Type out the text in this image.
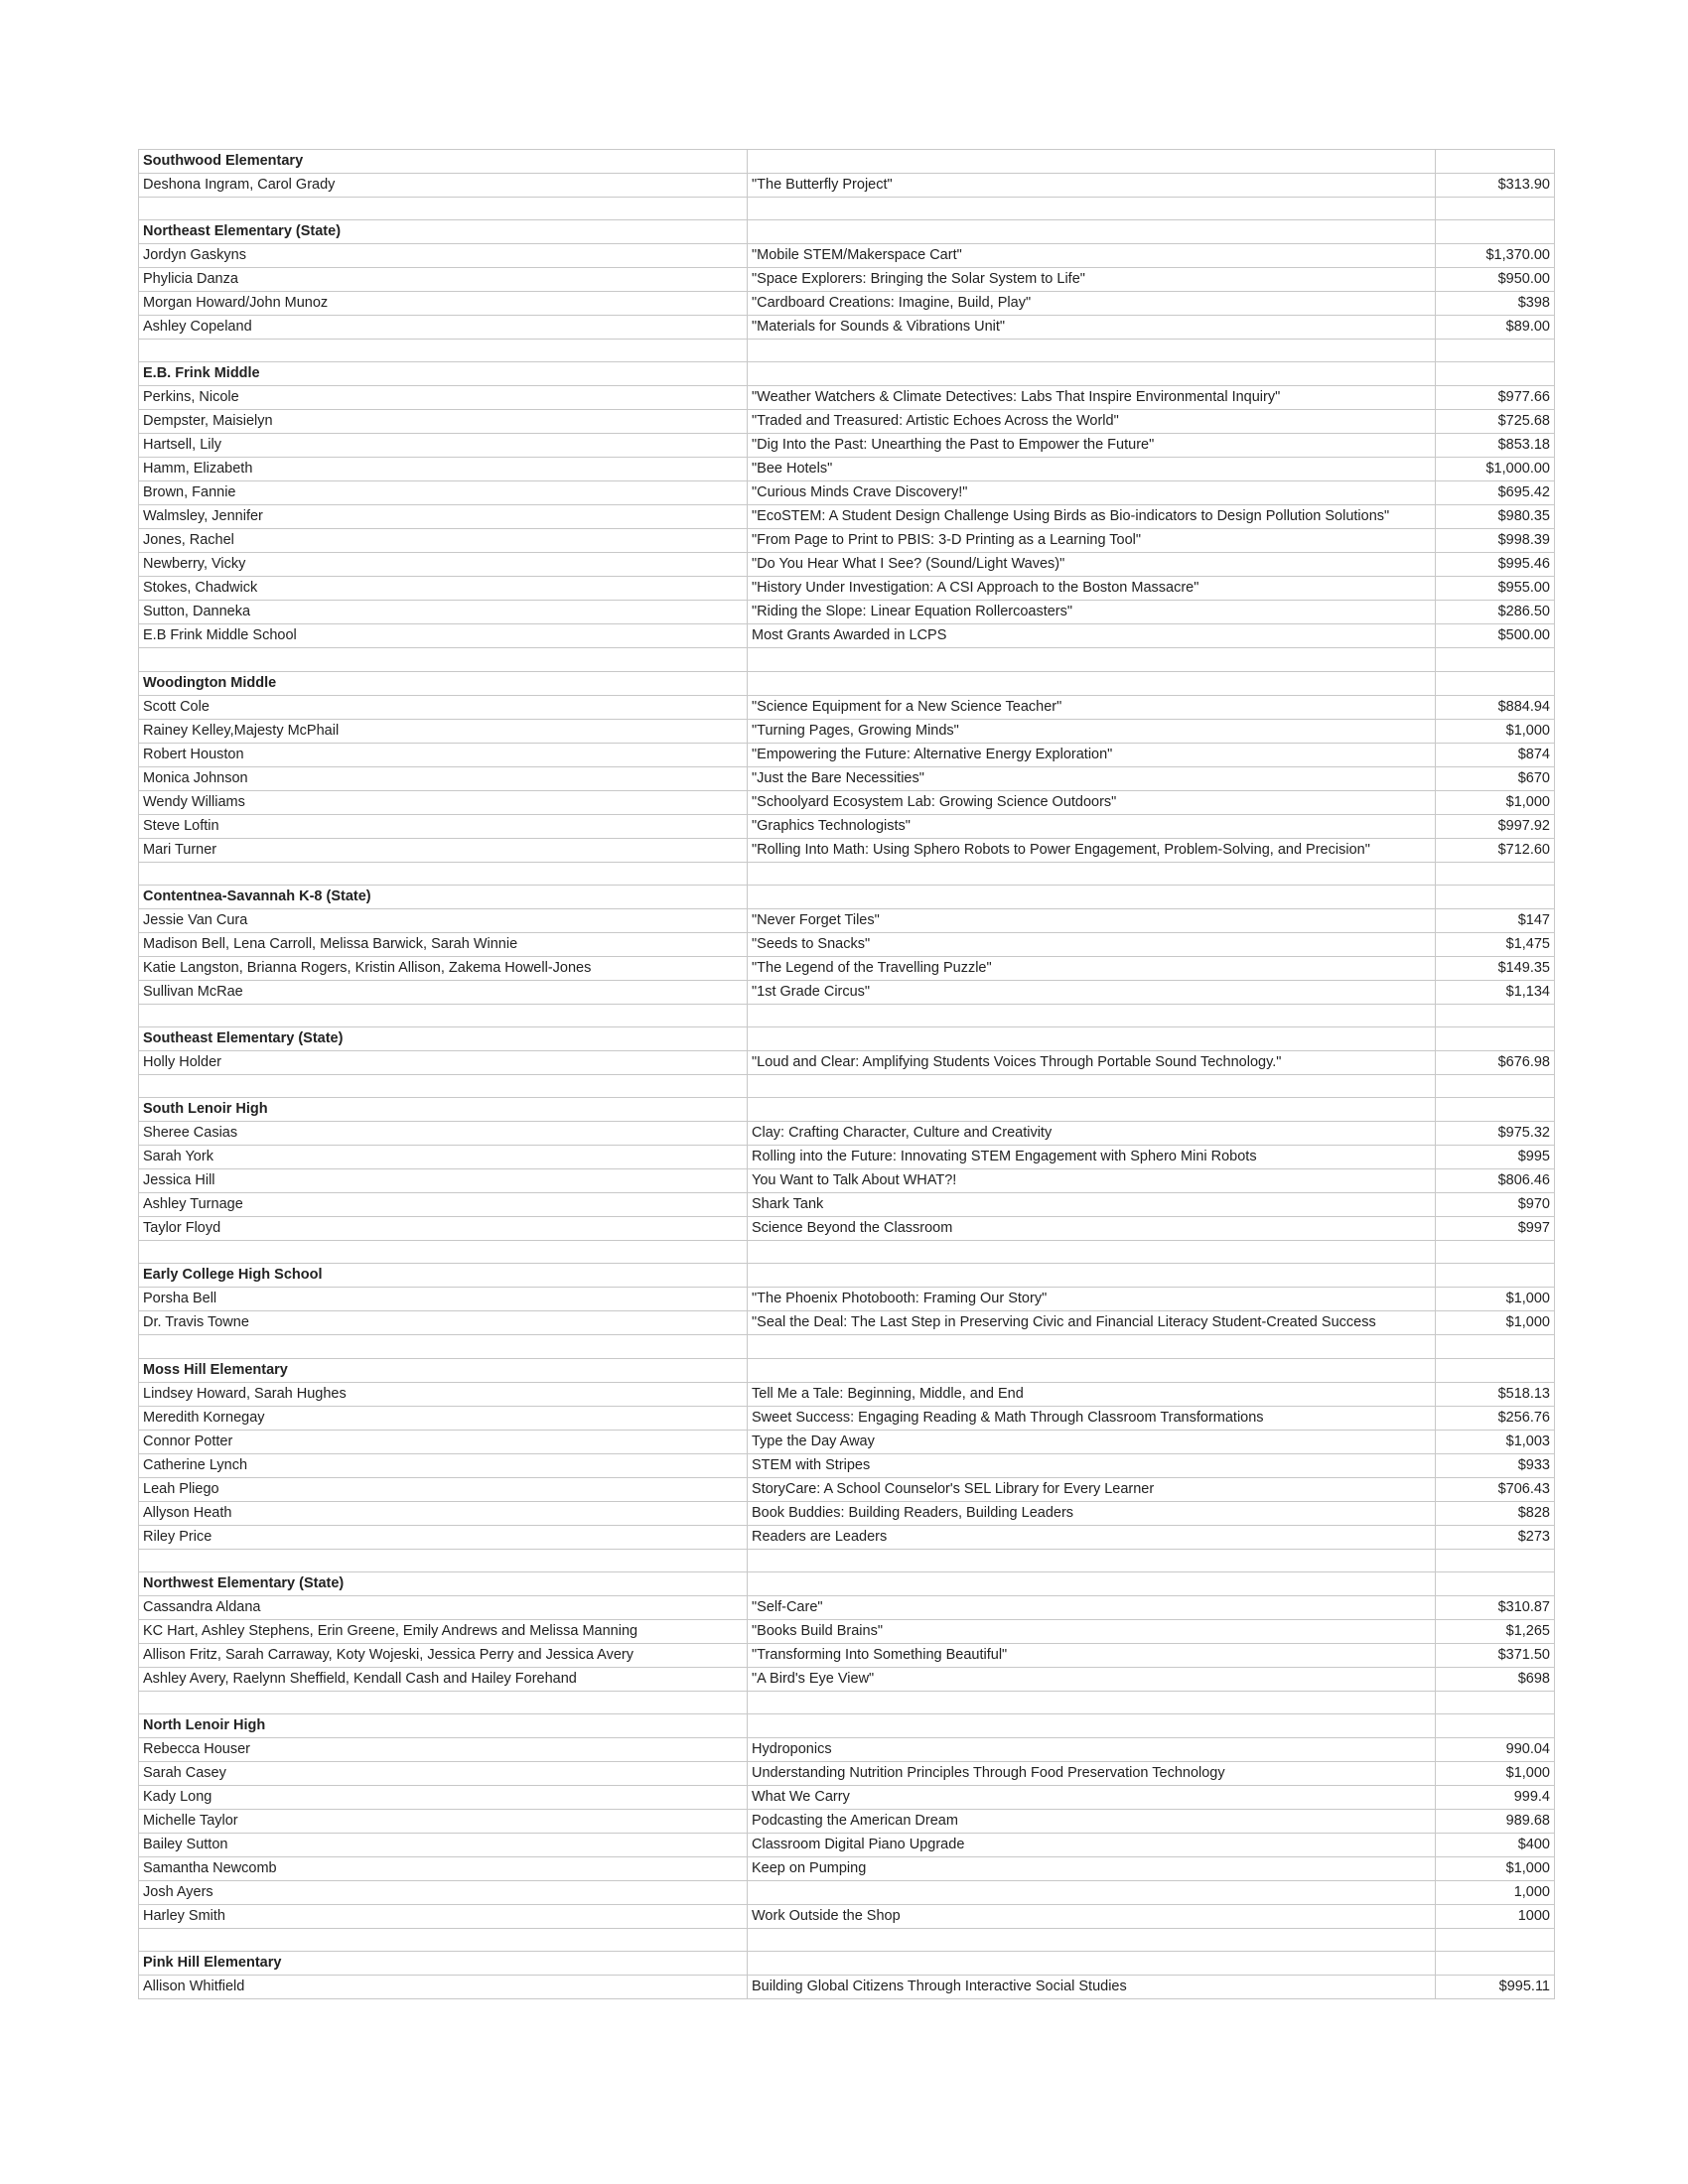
Southwood Elementary		
Deshona Ingram, Carol Grady	"The Butterfly Project"	$313.90

Northeast Elementary (State)		
Jordyn Gaskyns	"Mobile STEM/Makerspace Cart"	$1,370.00
Phylicia Danza	"Space Explorers: Bringing the Solar System to Life"	$950.00
Morgan Howard/John Munoz	"Cardboard Creations: Imagine, Build, Play"	$398
Ashley Copeland	"Materials for Sounds & Vibrations Unit"	$89.00

E.B. Frink Middle		
Perkins, Nicole	"Weather Watchers & Climate Detectives: Labs That Inspire Environmental Inquiry"	$977.66
Dempster, Maisielyn	"Traded and Treasured: Artistic Echoes Across the World"	$725.68
Hartsell, Lily	"Dig Into the Past: Unearthing the Past to Empower the Future"	$853.18
Hamm, Elizabeth	"Bee Hotels"	$1,000.00
Brown, Fannie	"Curious Minds Crave Discovery!"	$695.42
Walmsley, Jennifer	"EcoSTEM: A Student Design Challenge Using Birds as Bio-indicators to Design Pollution Solutions"	$980.35
Jones, Rachel	"From Page to Print to PBIS: 3-D Printing as a Learning Tool"	$998.39
Newberry, Vicky	"Do You Hear What I See? (Sound/Light Waves)"	$995.46
Stokes, Chadwick	"History Under Investigation: A CSI Approach to the Boston Massacre"	$955.00
Sutton, Danneka	"Riding the Slope: Linear Equation Rollercoasters"	$286.50
E.B Frink Middle School	Most Grants Awarded in LCPS	$500.00

Woodington Middle		
Scott Cole	"Science Equipment for a New Science Teacher"	$884.94
Rainey Kelley,Majesty McPhail	"Turning Pages, Growing Minds"	$1,000
Robert Houston	"Empowering the Future: Alternative Energy Exploration"	$874
Monica Johnson	"Just the Bare Necessities"	$670
Wendy Williams	"Schoolyard Ecosystem Lab: Growing Science Outdoors"	$1,000
Steve Loftin	"Graphics Technologists"	$997.92
Mari Turner	"Rolling Into Math: Using Sphero Robots to Power Engagement, Problem-Solving, and Precision"	$712.60

Contentnea-Savannah K-8 (State)		
Jessie Van Cura	"Never Forget Tiles"	$147
Madison Bell, Lena Carroll, Melissa Barwick, Sarah Winnie	"Seeds to Snacks"	$1,475
Katie Langston, Brianna Rogers, Kristin Allison, Zakema Howell-Jones	"The Legend of the Travelling Puzzle"	$149.35
Sullivan McRae	"1st Grade Circus"	$1,134

Southeast Elementary (State)		
Holly Holder	"Loud and Clear: Amplifying Students Voices Through Portable Sound Technology."	$676.98

South Lenoir High		
Sheree Casias	Clay: Crafting Character, Culture and Creativity	$975.32
Sarah York	Rolling into the Future: Innovating STEM Engagement with Sphero Mini Robots	$995
Jessica Hill	You Want to Talk About WHAT?!	$806.46
Ashley Turnage	Shark Tank	$970
Taylor Floyd	Science Beyond the Classroom	$997

Early College High School		
Porsha Bell	"The Phoenix Photobooth: Framing Our Story"	$1,000
Dr. Travis Towne	"Seal the Deal: The Last Step in Preserving Civic and Financial Literacy Student-Created Success	$1,000

Moss Hill Elementary		
Lindsey Howard, Sarah Hughes	Tell Me a Tale: Beginning, Middle, and End	$518.13
Meredith Kornegay	Sweet Success: Engaging Reading & Math Through Classroom Transformations	$256.76
Connor Potter	Type the Day Away	$1,003
Catherine Lynch	STEM with Stripes	$933
Leah Pliego	StoryCare: A School Counselor's SEL Library for Every Learner	$706.43
Allyson Heath	Book Buddies: Building Readers, Building Leaders	$828
Riley Price	Readers are Leaders	$273

Northwest Elementary (State)		
Cassandra Aldana	"Self-Care"	$310.87
KC Hart, Ashley Stephens, Erin Greene, Emily Andrews and Melissa Manning	"Books Build Brains"	$1,265
Allison Fritz, Sarah Carraway, Koty Wojeski, Jessica Perry and Jessica Avery	"Transforming Into Something Beautiful"	$371.50
Ashley Avery, Raelynn Sheffield, Kendall Cash and Hailey Forehand	"A Bird's Eye View"	$698

North Lenoir High		
Rebecca Houser	Hydroponics	990.04
Sarah Casey	Understanding Nutrition Principles Through Food Preservation Technology	$1,000
Kady Long	What We Carry	999.4
Michelle Taylor	Podcasting the American Dream	989.68
Bailey Sutton	Classroom Digital Piano Upgrade	$400
Samantha Newcomb	Keep on Pumping	$1,000
Josh Ayers		1,000
Harley Smith	Work Outside the Shop	1000

Pink Hill Elementary		
Allison Whitfield	Building Global Citizens Through Interactive Social Studies	$995.11
